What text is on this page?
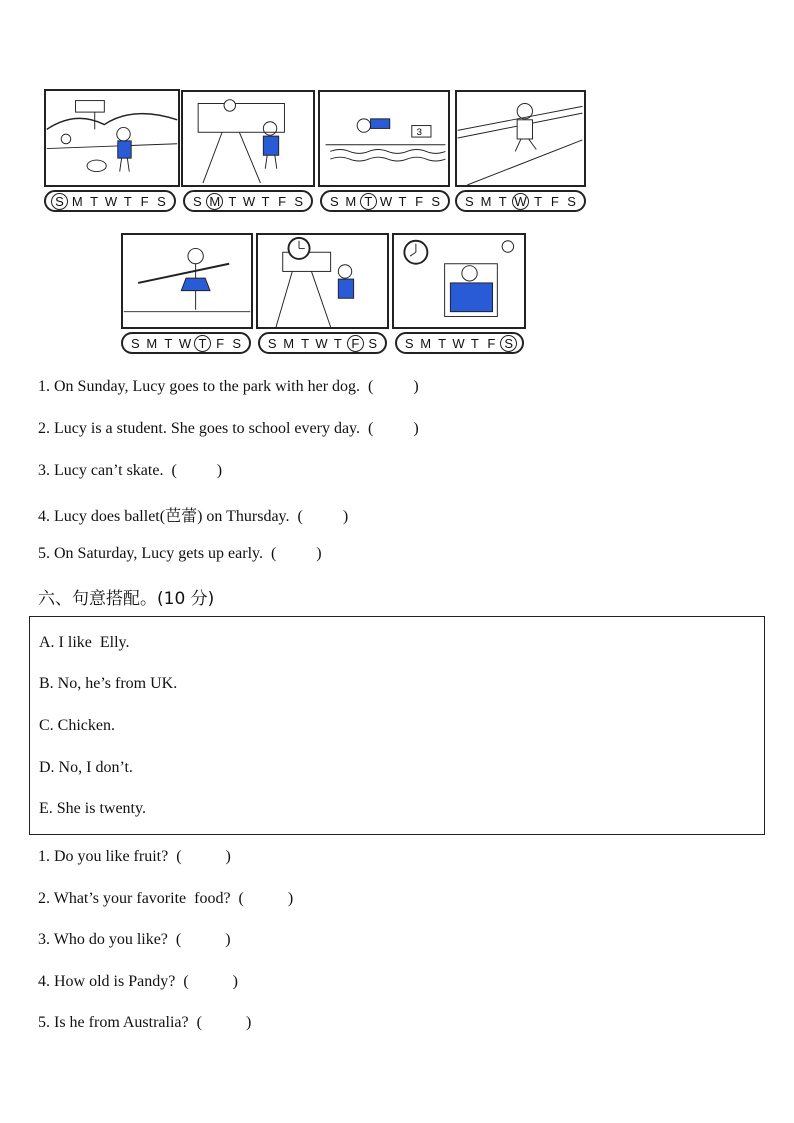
3
S M T W T F S S M T W T F S S M T W T F S S M T W T F S
S M T W T F S S M T W T F S S M T W T F S
1. On Sunday, Lucy goes to the park with her dog.  (          )
2. Lucy is a student. She goes to school every day.  (          )
3. Lucy can’t skate.  (          )
4. Lucy does ballet(芭蕾) on Thursday.  (          )
5. On Saturday, Lucy gets up early.  (          )
六、句意搭配。(10 分)
A. I like  Elly.
B. No, he’s from UK.
C. Chicken.
D. No, I don’t.
E. She is twenty.
1. Do you like fruit?  (           )
2. What’s your favorite  food?  (           )
3. Who do you like?  (           )
4. How old is Pandy?  (           )
5. Is he from Australia?  (           )
